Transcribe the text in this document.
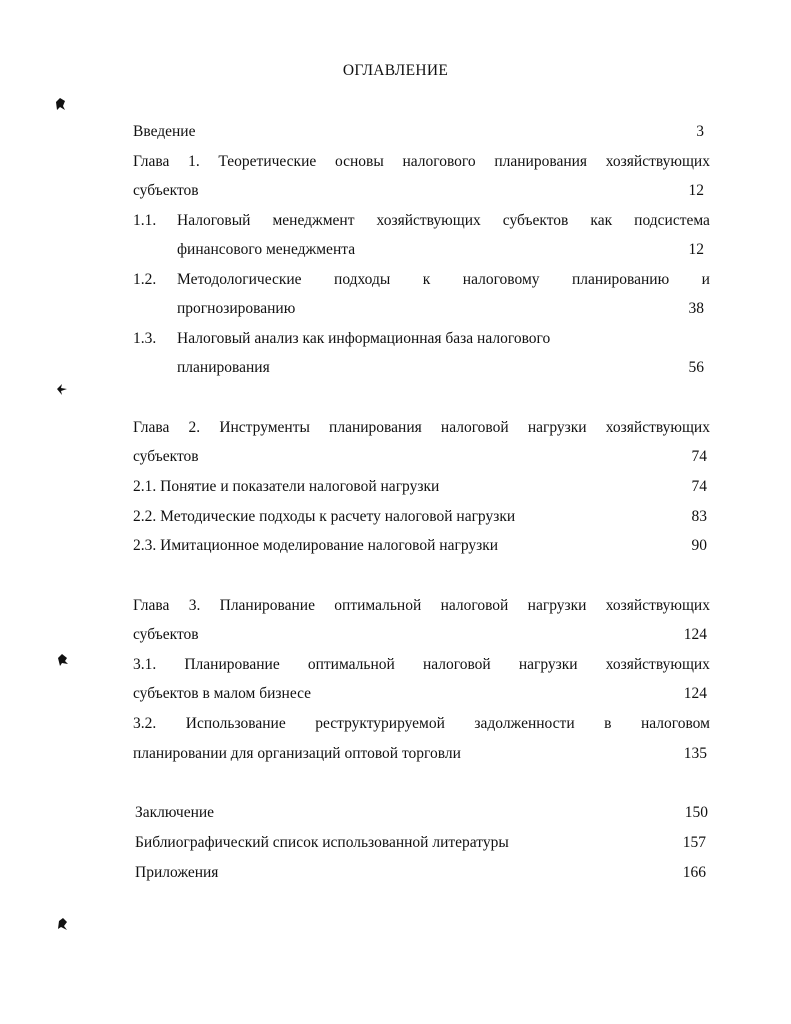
ОГЛАВЛЕНИЕ
Введение	3
Глава 1. Теоретические основы налогового планирования хозяйствующих
субъектов	12
1.1. Налоговый менеджмент хозяйствующих субъектов как подсистема
финансового менеджмента	12
1.2. Методологические подходы к налоговому планированию и
прогнозированию	38
1.3. Налоговый анализ как информационная база налогового
планирования	56
Глава 2. Инструменты планирования налоговой нагрузки хозяйствующих
субъектов	74
2.1. Понятие и показатели налоговой нагрузки	74
2.2. Методические подходы к расчету налоговой нагрузки	83
2.3. Имитационное моделирование налоговой нагрузки	90
Глава 3. Планирование оптимальной налоговой нагрузки хозяйствующих
субъектов	124
3.1. Планирование оптимальной налоговой нагрузки хозяйствующих
субъектов в малом бизнесе	124
3.2. Использование реструктурируемой задолженности в налоговом
планировании для организаций оптовой торговли	135
Заключение	150
Библиографический список использованной литературы	157
Приложения	166
